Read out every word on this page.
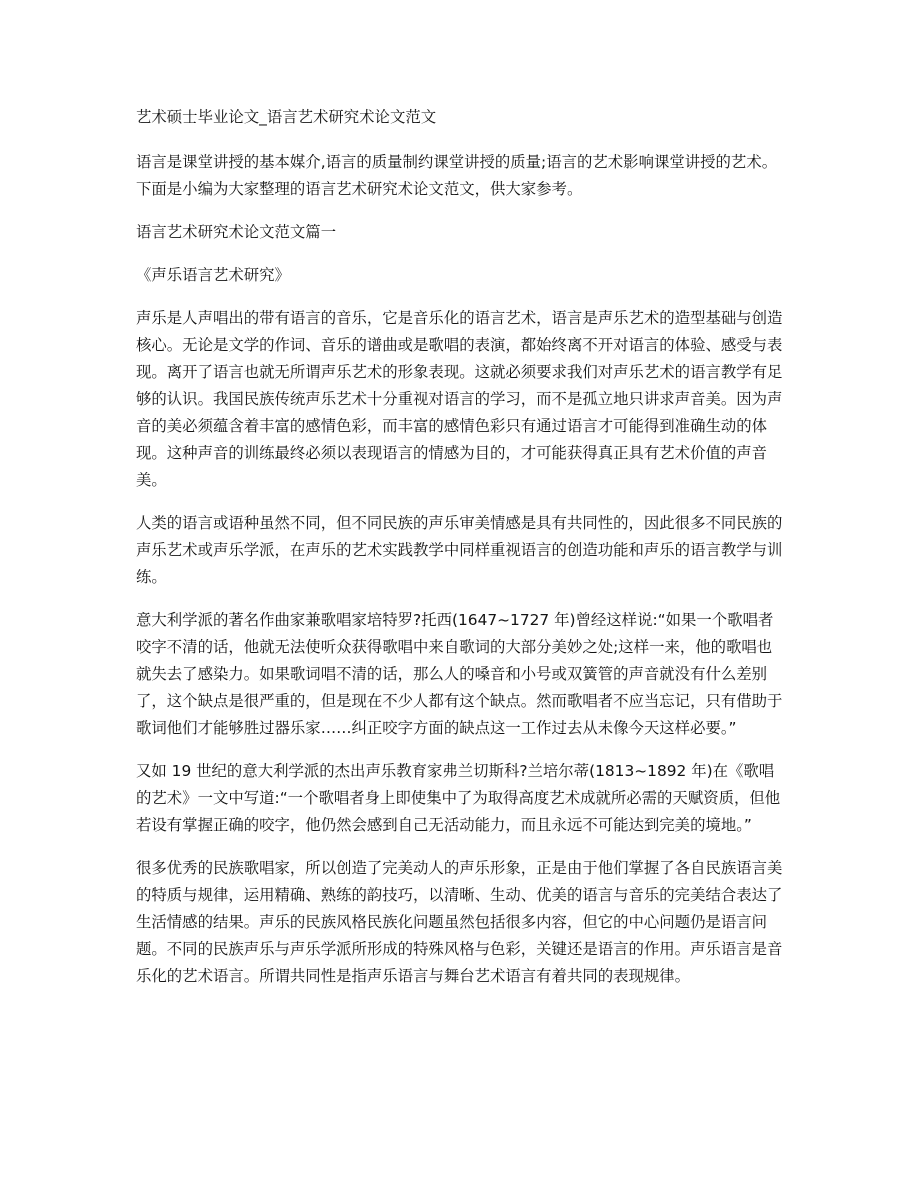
艺术硕士毕业论文_语言艺术研究术论文范文

语言是课堂讲授的基本媒介,语言的质量制约课堂讲授的质量;语言的艺术影响课堂讲授的艺术。下面是小编为大家整理的语言艺术研究术论文范文，供大家参考。

语言艺术研究术论文范文篇一

《声乐语言艺术研究》

声乐是人声唱出的带有语言的音乐，它是音乐化的语言艺术，语言是声乐艺术的造型基础与创造核心。无论是文学的作词、音乐的谱曲或是歌唱的表演，都始终离不开对语言的体验、感受与表现。离开了语言也就无所谓声乐艺术的形象表现。这就必须要求我们对声乐艺术的语言教学有足够的认识。我国民族传统声乐艺术十分重视对语言的学习，而不是孤立地只讲求声音美。因为声音的美必须蕴含着丰富的感情色彩，而丰富的感情色彩只有通过语言才可能得到准确生动的体现。这种声音的训练最终必须以表现语言的情感为目的，才可能获得真正具有艺术价值的声音美。

人类的语言或语种虽然不同，但不同民族的声乐审美情感是具有共同性的，因此很多不同民族的声乐艺术或声乐学派，在声乐的艺术实践教学中同样重视语言的创造功能和声乐的语言教学与训练。

意大利学派的著名作曲家兼歌唱家培特罗?托西(1647~1727 年)曾经这样说:“如果一个歌唱者咬字不清的话，他就无法使听众获得歌唱中来自歌词的大部分美妙之处;这样一来，他的歌唱也就失去了感染力。如果歌词唱不清的话，那么人的嗓音和小号或双簧管的声音就没有什么差别了，这个缺点是很严重的，但是现在不少人都有这个缺点。然而歌唱者不应当忘记，只有借助于歌词他们才能够胜过器乐家……纠正咬字方面的缺点这一工作过去从未像今天这样必要。”

又如 19 世纪的意大利学派的杰出声乐教育家弗兰切斯科?兰培尔蒂(1813~1892 年)在《歌唱的艺术》一文中写道:“一个歌唱者身上即使集中了为取得高度艺术成就所必需的天赋资质，但他若设有掌握正确的咬字，他仍然会感到自己无活动能力，而且永远不可能达到完美的境地。”

很多优秀的民族歌唱家，所以创造了完美动人的声乐形象，正是由于他们掌握了各自民族语言美的特质与规律，运用精确、熟练的韵技巧，以清晰、生动、优美的语言与音乐的完美结合表达了生活情感的结果。声乐的民族风格民族化问题虽然包括很多内容，但它的中心问题仍是语言问题。不同的民族声乐与声乐学派所形成的特殊风格与色彩，关键还是语言的作用。声乐语言是音乐化的艺术语言。所谓共同性是指声乐语言与舞台艺术语言有着共同的表现规律。
